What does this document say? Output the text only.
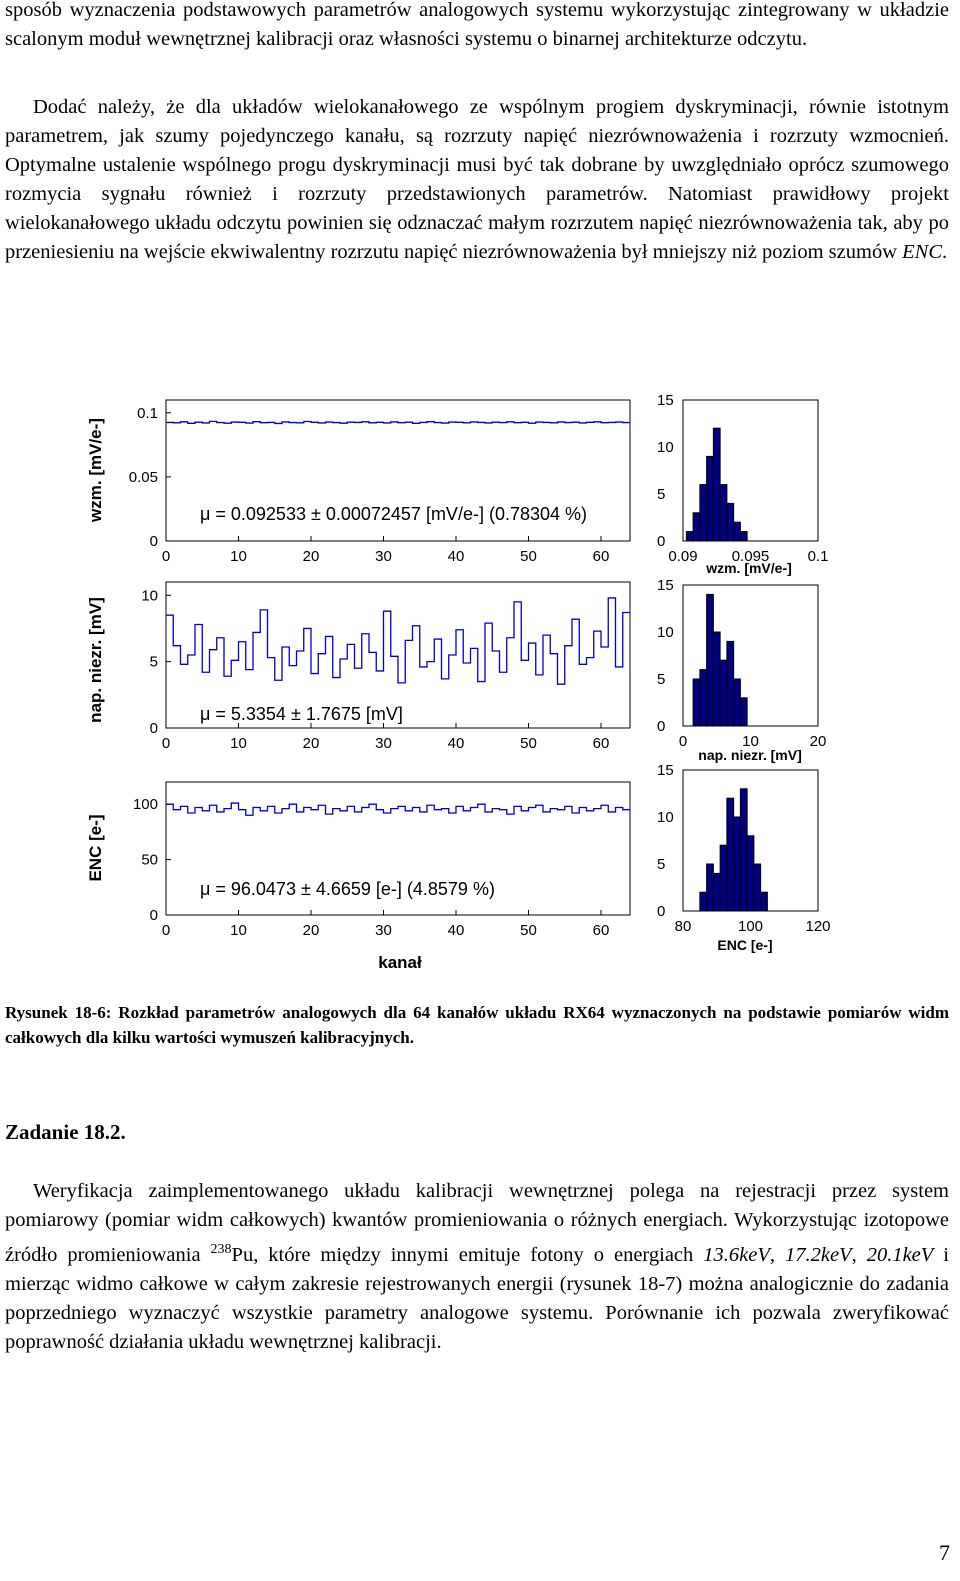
sposób wyznaczenia podstawowych parametrów analogowych systemu wykorzystując zintegrowany w układzie scalonym moduł wewnętrznej kalibracji oraz własności systemu o binarnej architekturze odczytu.

Dodać należy, że dla układów wielokanałowego ze wspólnym progiem dyskryminacji, równie istotnym parametrem, jak szumy pojedynczego kanału, są rozrzuty napięć niezrównoważenia i rozrzuty wzmocnień. Optymalne ustalenie wspólnego progu dyskryminacji musi być tak dobrane by uwzględniało oprócz szumowego rozmycia sygnału również i rozrzuty przedstawionych parametrów. Natomiast prawidłowy projekt wielokanałowego układu odczytu powinien się odznaczać małym rozrzutem napięć niezrównoważenia tak, aby po przeniesieniu na wejście ekwiwalentny rozrzutu napięć niezrównoważenia był mniejszy niż poziom szumów ENC.

0	10	20	30	40	50	60
0
0.05
0.1
wzm. [mV/e-]	μ = 0.092533 ± 0.00072457 [mV/e-] (0.78304 %)
0	10	20	30	40	50	60
0
5
10
nap. niezr. [mV]	μ = 5.3354 ± 1.7675 [mV]
0	10	20	30	40	50	60
0
50
100
ENC [e-]
μ = 96.0473 ± 4.6659 [e-] (4.8579 %)
kanał
0
5
10
15
0.09 0.095	0.1
wzm. [mV/e-]
0
5
10
15
0	10	20
nap. niezr. [mV]
0
5
10
15
80	100	120
ENC [e-]
Rysunek 18-6: Rozkład parametrów analogowych dla 64 kanałów układu RX64 wyznaczonych na podstawie pomiarów widm całkowych dla kilku wartości wymuszeń kalibracyjnych.
Zadanie 18.2.

Weryfikacja zaimplementowanego układu kalibracji wewnętrznej polega na rejestracji przez system pomiarowy (pomiar widm całkowych) kwantów promieniowania o różnych energiach. Wykorzystując izotopowe źródło promieniowania $^{238}$Pu, które między innymi emituje fotony o energiach 13.6keV, 17.2keV, 20.1keV i mierząc widmo całkowe w całym zakresie rejestrowanych energii (rysunek 18-7) można analogicznie do zadania poprzedniego wyznaczyć wszystkie parametry analogowe systemu. Porównanie ich pozwala zweryfikować poprawność działania układu wewnętrznej kalibracji.

7
